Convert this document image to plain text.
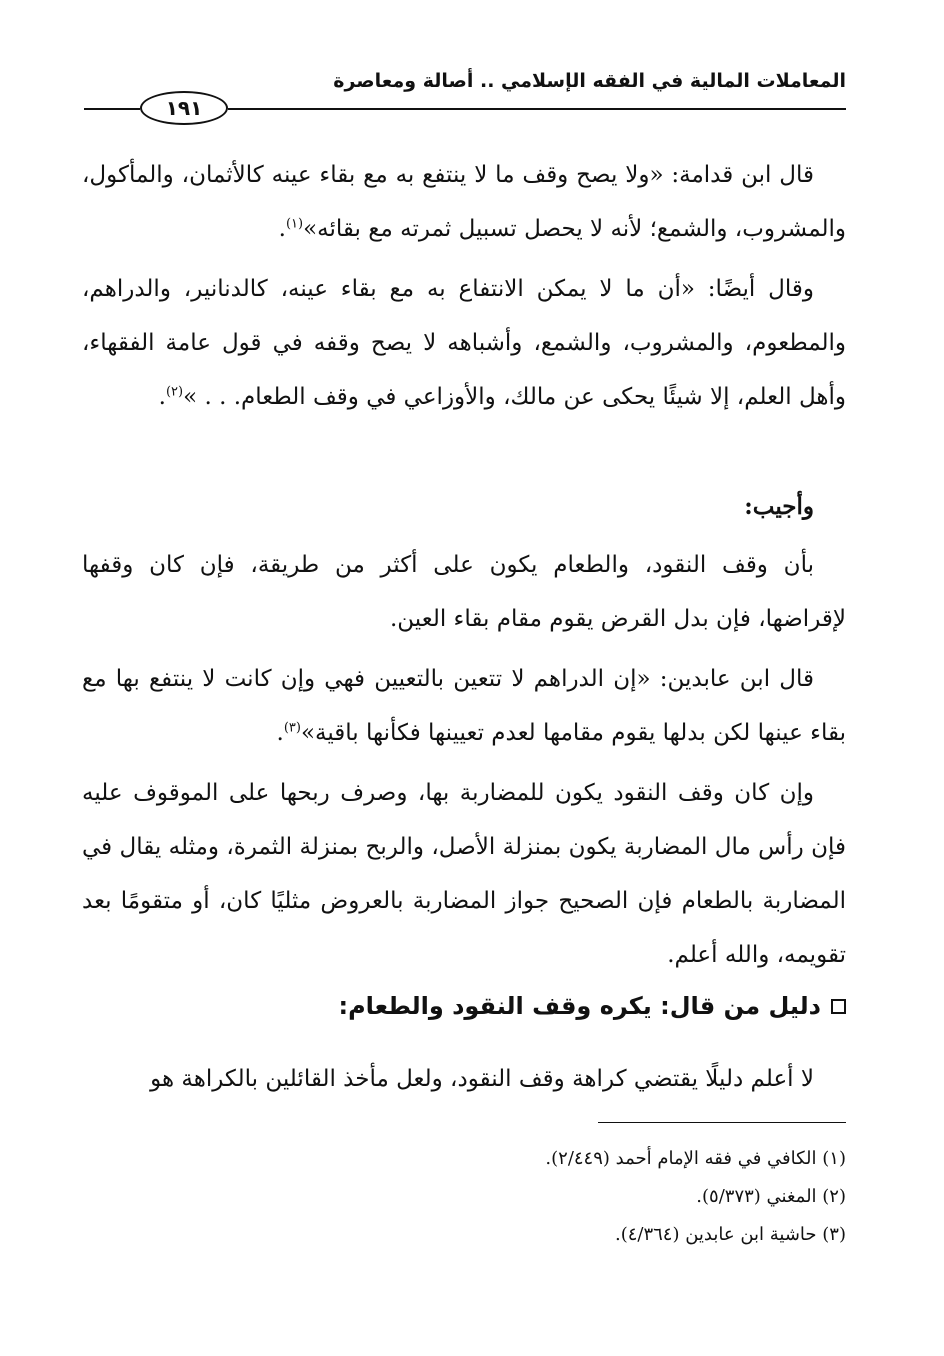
المعاملات المالية في الفقه الإسلامي .. أصالة ومعاصرة
١٩١
قال ابن قدامة: «ولا يصح وقف ما لا ينتفع به مع بقاء عينه كالأثمان، والمأكول، والمشروب، والشمع؛ لأنه لا يحصل تسبيل ثمرته مع بقائه»$^{(١)}$.
وقال أيضًا: «أن ما لا يمكن الانتفاع به مع بقاء عينه، كالدنانير، والدراهم، والمطعوم، والمشروب، والشمع، وأشباهه لا يصح وقفه في قول عامة الفقهاء، وأهل العلم، إلا شيئًا يحكى عن مالك، والأوزاعي في وقف الطعام. . . »$^{(٢)}$.
وأجيب:
بأن وقف النقود، والطعام يكون على أكثر من طريقة، فإن كان وقفها لإقراضها، فإن بدل القرض يقوم مقام بقاء العين.
قال ابن عابدين: «إن الدراهم لا تتعين بالتعيين فهي وإن كانت لا ينتفع بها مع بقاء عينها لكن بدلها يقوم مقامها لعدم تعيينها فكأنها باقية»$^{(٣)}$.
وإن كان وقف النقود يكون للمضاربة بها، وصرف ربحها على الموقوف عليه فإن رأس مال المضاربة يكون بمنزلة الأصل، والربح بمنزلة الثمرة، ومثله يقال في المضاربة بالطعام فإن الصحيح جواز المضاربة بالعروض مثليًا كان، أو متقومًا بعد تقويمه، والله أعلم.
دليل من قال: يكره وقف النقود والطعام:
لا أعلم دليلًا يقتضي كراهة وقف النقود، ولعل مأخذ القائلين بالكراهة هو
(١) الكافي في فقه الإمام أحمد (٢/٤٤٩).
(٢) المغني (٥/٣٧٣).
(٣) حاشية ابن عابدين (٤/٣٦٤).
